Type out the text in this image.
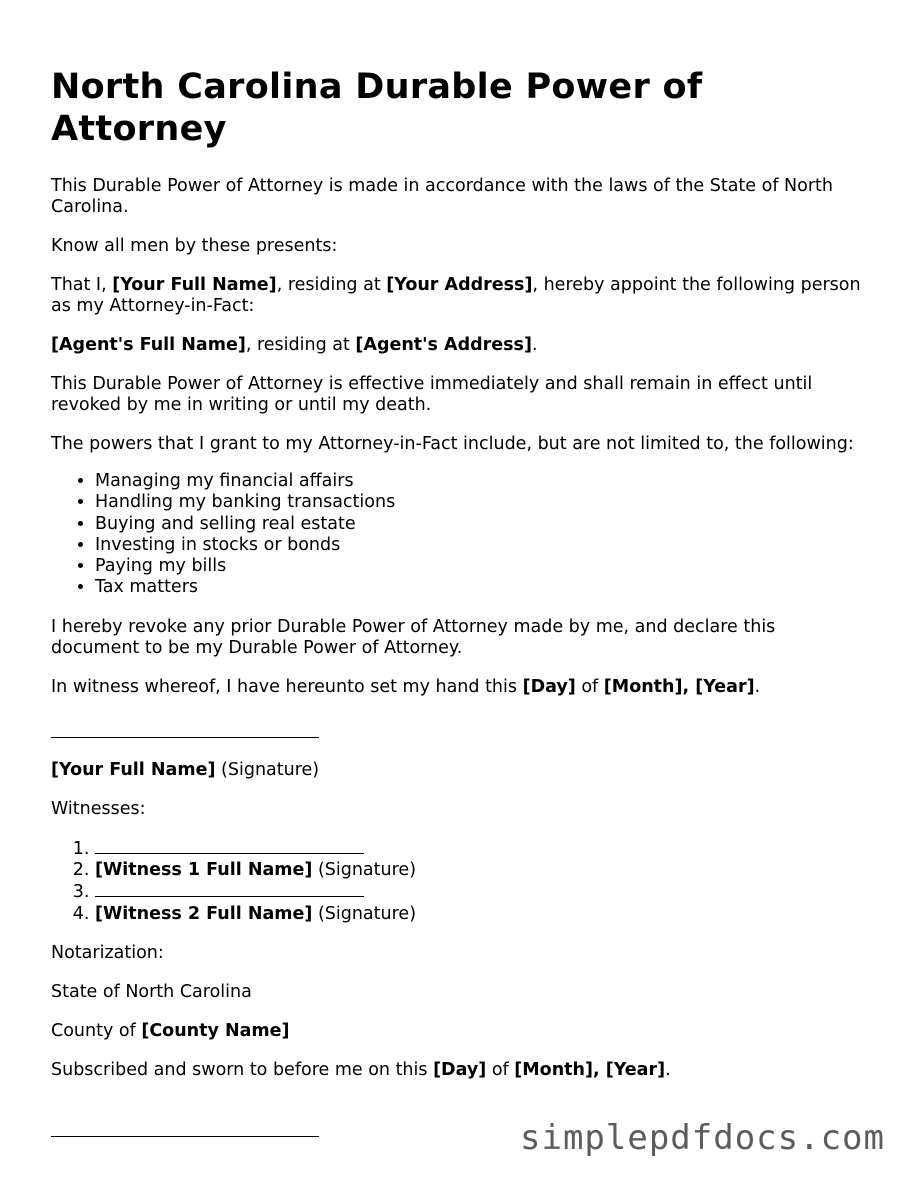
North Carolina Durable Power of Attorney

This Durable Power of Attorney is made in accordance with the laws of the State of North Carolina.

Know all men by these presents:

That I, [Your Full Name], residing at [Your Address], hereby appoint the following person as my Attorney-in-Fact:

[Agent's Full Name], residing at [Agent's Address].

This Durable Power of Attorney is effective immediately and shall remain in effect until revoked by me in writing or until my death.

The powers that I grant to my Attorney-in-Fact include, but are not limited to, the following:

• Managing my financial affairs
• Handling my banking transactions
• Buying and selling real estate
• Investing in stocks or bonds
• Paying my bills
• Tax matters

I hereby revoke any prior Durable Power of Attorney made by me, and declare this document to be my Durable Power of Attorney.

In witness whereof, I have hereunto set my hand this [Day] of [Month], [Year].

[Your Full Name] (Signature)

Witnesses:

1.
2. [Witness 1 Full Name] (Signature)
3.
4. [Witness 2 Full Name] (Signature)

Notarization:

State of North Carolina

County of [County Name]

Subscribed and sworn to before me on this [Day] of [Month], [Year].

simplepdfdocs.com
